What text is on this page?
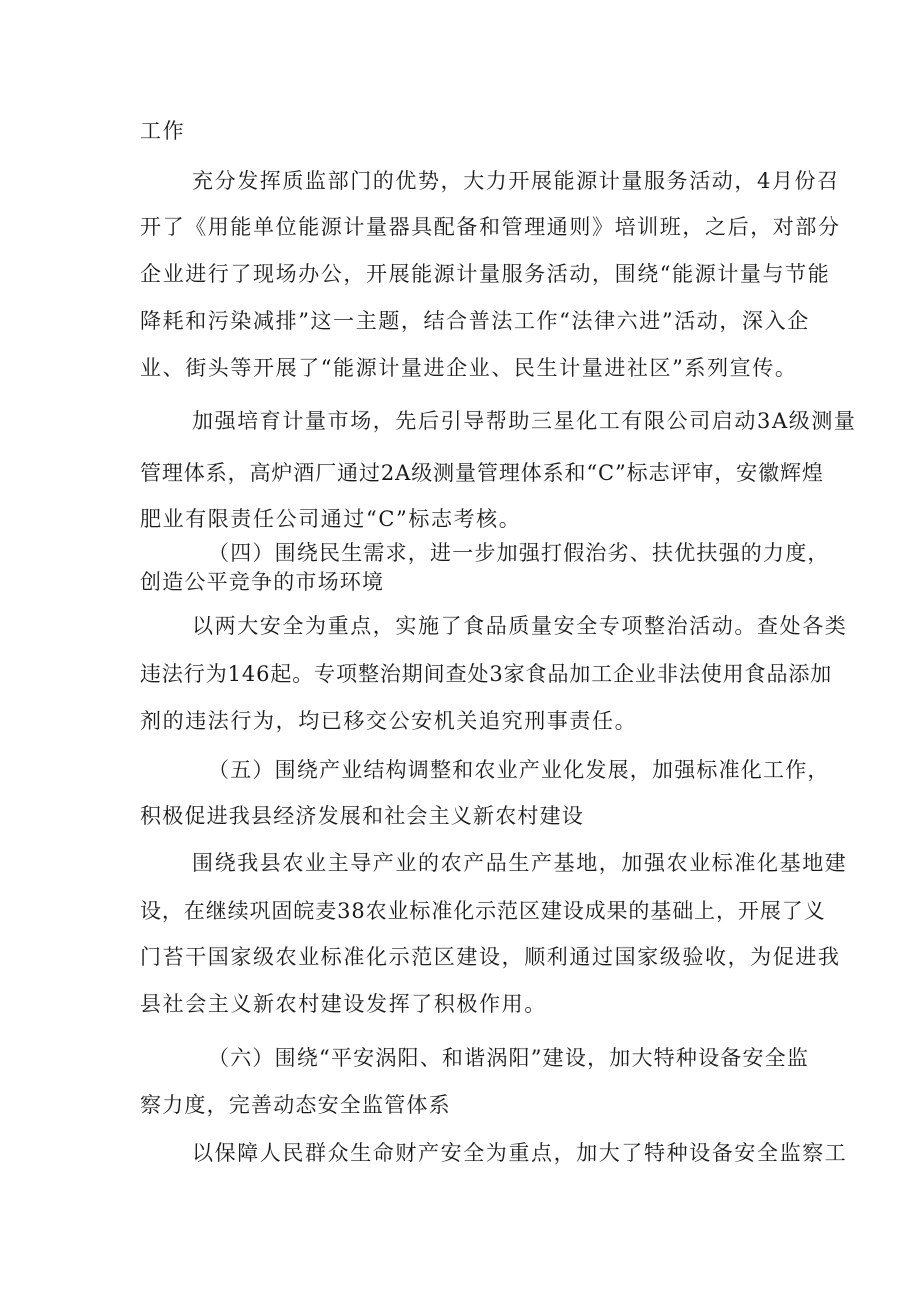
工作
充分发挥质监部门的优势，大力开展能源计量服务活动，4月份召
开了《用能单位能源计量器具配备和管理通则》培训班，之后，对部分
企业进行了现场办公，开展能源计量服务活动，围绕“能源计量与节能
降耗和污染减排”这一主题，结合普法工作“法律六进”活动，深入企
业、街头等开展了“能源计量进企业、民生计量进社区”系列宣传。
加强培育计量市场，先后引导帮助三星化工有限公司启动3A级测量
管理体系，高炉酒厂通过2A级测量管理体系和“C”标志评审，安徽辉煌
肥业有限责任公司通过“C”标志考核。
（四）围绕民生需求，进一步加强打假治劣、扶优扶强的力度，
创造公平竞争的市场环境
以两大安全为重点，实施了食品质量安全专项整治活动。查处各类
违法行为146起。专项整治期间查处3家食品加工企业非法使用食品添加
剂的违法行为，均已移交公安机关追究刑事责任。
（五）围绕产业结构调整和农业产业化发展，加强标准化工作，
积极促进我县经济发展和社会主义新农村建设
围绕我县农业主导产业的农产品生产基地，加强农业标准化基地建
设，在继续巩固皖麦38农业标准化示范区建设成果的基础上，开展了义
门苔干国家级农业标准化示范区建设，顺利通过国家级验收，为促进我
县社会主义新农村建设发挥了积极作用。
（六）围绕“平安涡阳、和谐涡阳”建设，加大特种设备安全监
察力度，完善动态安全监管体系
以保障人民群众生命财产安全为重点，加大了特种设备安全监察工
